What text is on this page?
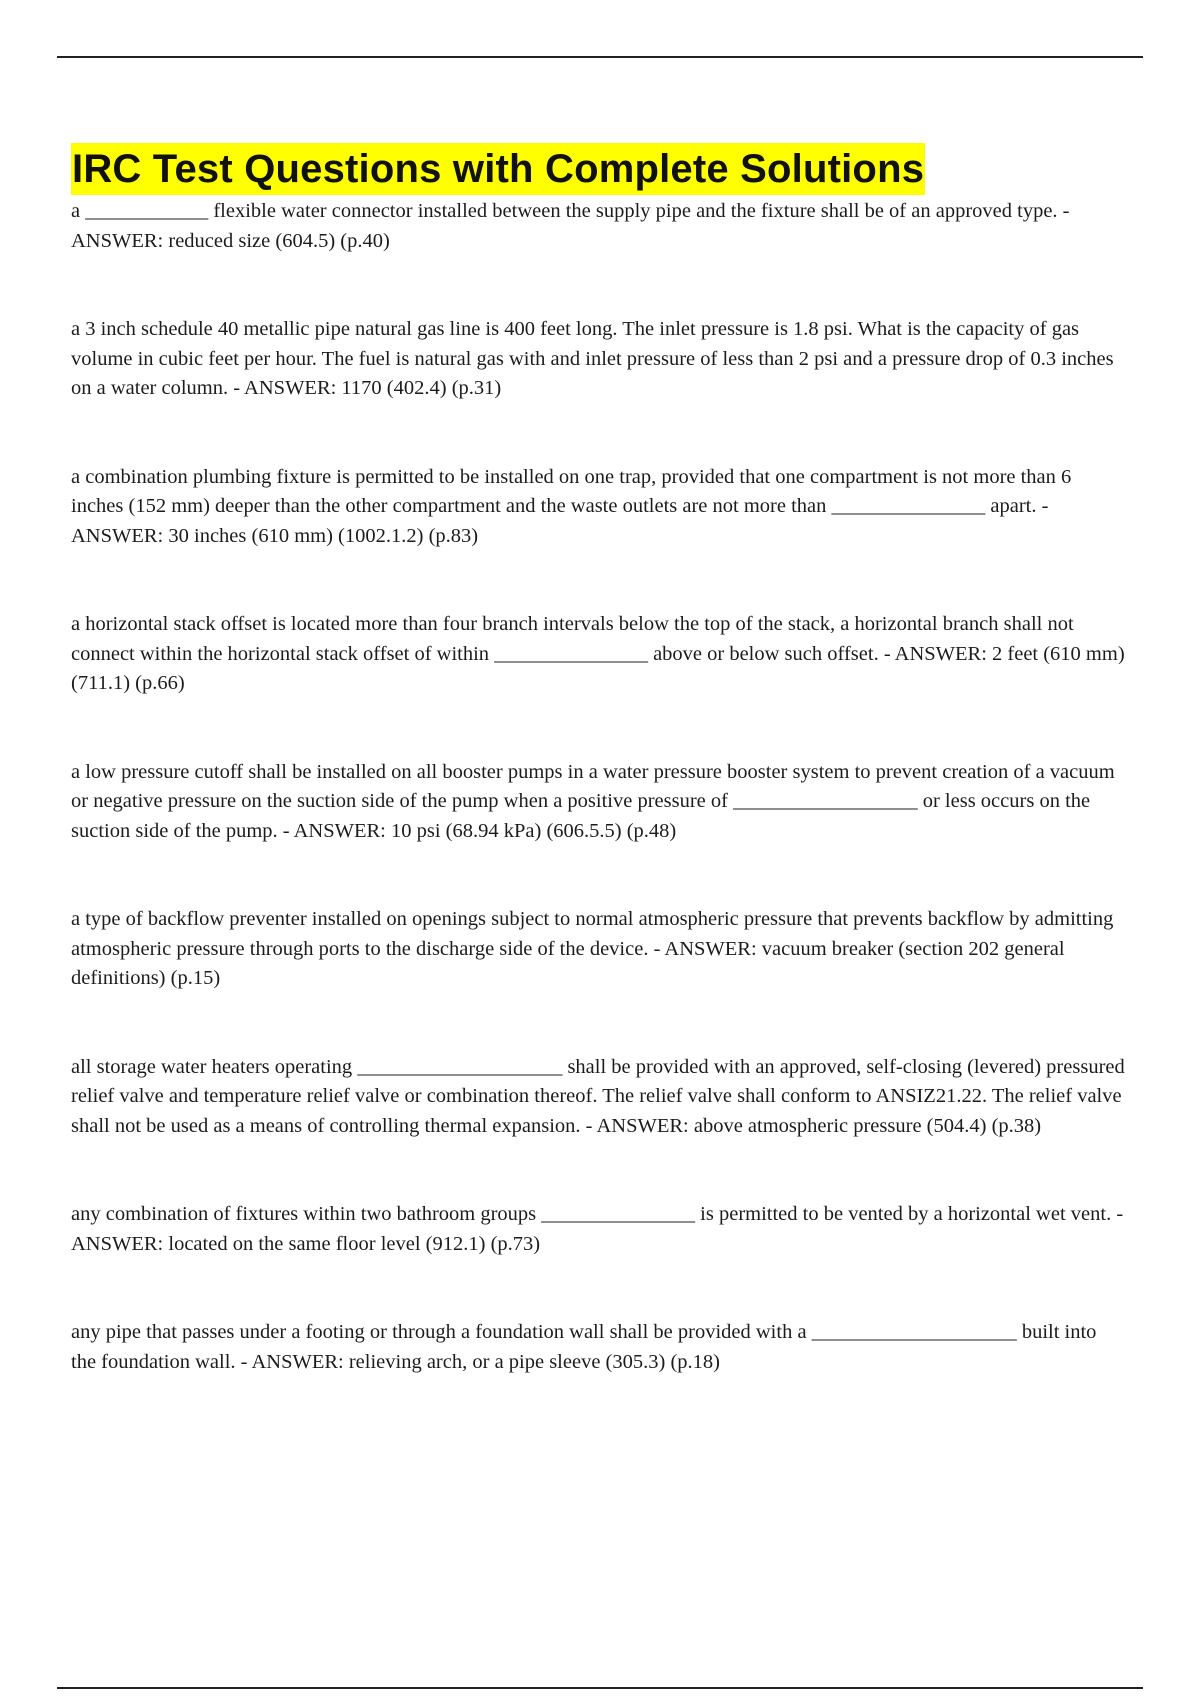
IRC Test Questions with Complete Solutions

a ____________ flexible water connector installed between the supply pipe and the fixture shall be of an approved type. - ANSWER: reduced size (604.5) (p.40)

a 3 inch schedule 40 metallic pipe natural gas line is 400 feet long. The inlet pressure is 1.8 psi. What is the capacity of gas volume in cubic feet per hour. The fuel is natural gas with and inlet pressure of less than 2 psi and a pressure drop of 0.3 inches on a water column. - ANSWER: 1170 (402.4) (p.31)

a combination plumbing fixture is permitted to be installed on one trap, provided that one compartment is not more than 6 inches (152 mm) deeper than the other compartment and the waste outlets are not more than _______________ apart. - ANSWER: 30 inches (610 mm) (1002.1.2) (p.83)

a horizontal stack offset is located more than four branch intervals below the top of the stack, a horizontal branch shall not connect within the horizontal stack offset of within _______________ above or below such offset. - ANSWER: 2 feet (610 mm) (711.1) (p.66)

a low pressure cutoff shall be installed on all booster pumps in a water pressure booster system to prevent creation of a vacuum or negative pressure on the suction side of the pump when a positive pressure of __________________ or less occurs on the suction side of the pump. - ANSWER: 10 psi (68.94 kPa) (606.5.5) (p.48)

a type of backflow preventer installed on openings subject to normal atmospheric pressure that prevents backflow by admitting atmospheric pressure through ports to the discharge side of the device. - ANSWER: vacuum breaker (section 202 general definitions) (p.15)

all storage water heaters operating ____________________ shall be provided with an approved, self-closing (levered) pressured relief valve and temperature relief valve or combination thereof. The relief valve shall conform to ANSIZ21.22. The relief valve shall not be used as a means of controlling thermal expansion. - ANSWER: above atmospheric pressure (504.4) (p.38)

any combination of fixtures within two bathroom groups _______________ is permitted to be vented by a horizontal wet vent. - ANSWER: located on the same floor level (912.1) (p.73)

any pipe that passes under a footing or through a foundation wall shall be provided with a ____________________ built into the foundation wall. - ANSWER: relieving arch, or a pipe sleeve (305.3) (p.18)
